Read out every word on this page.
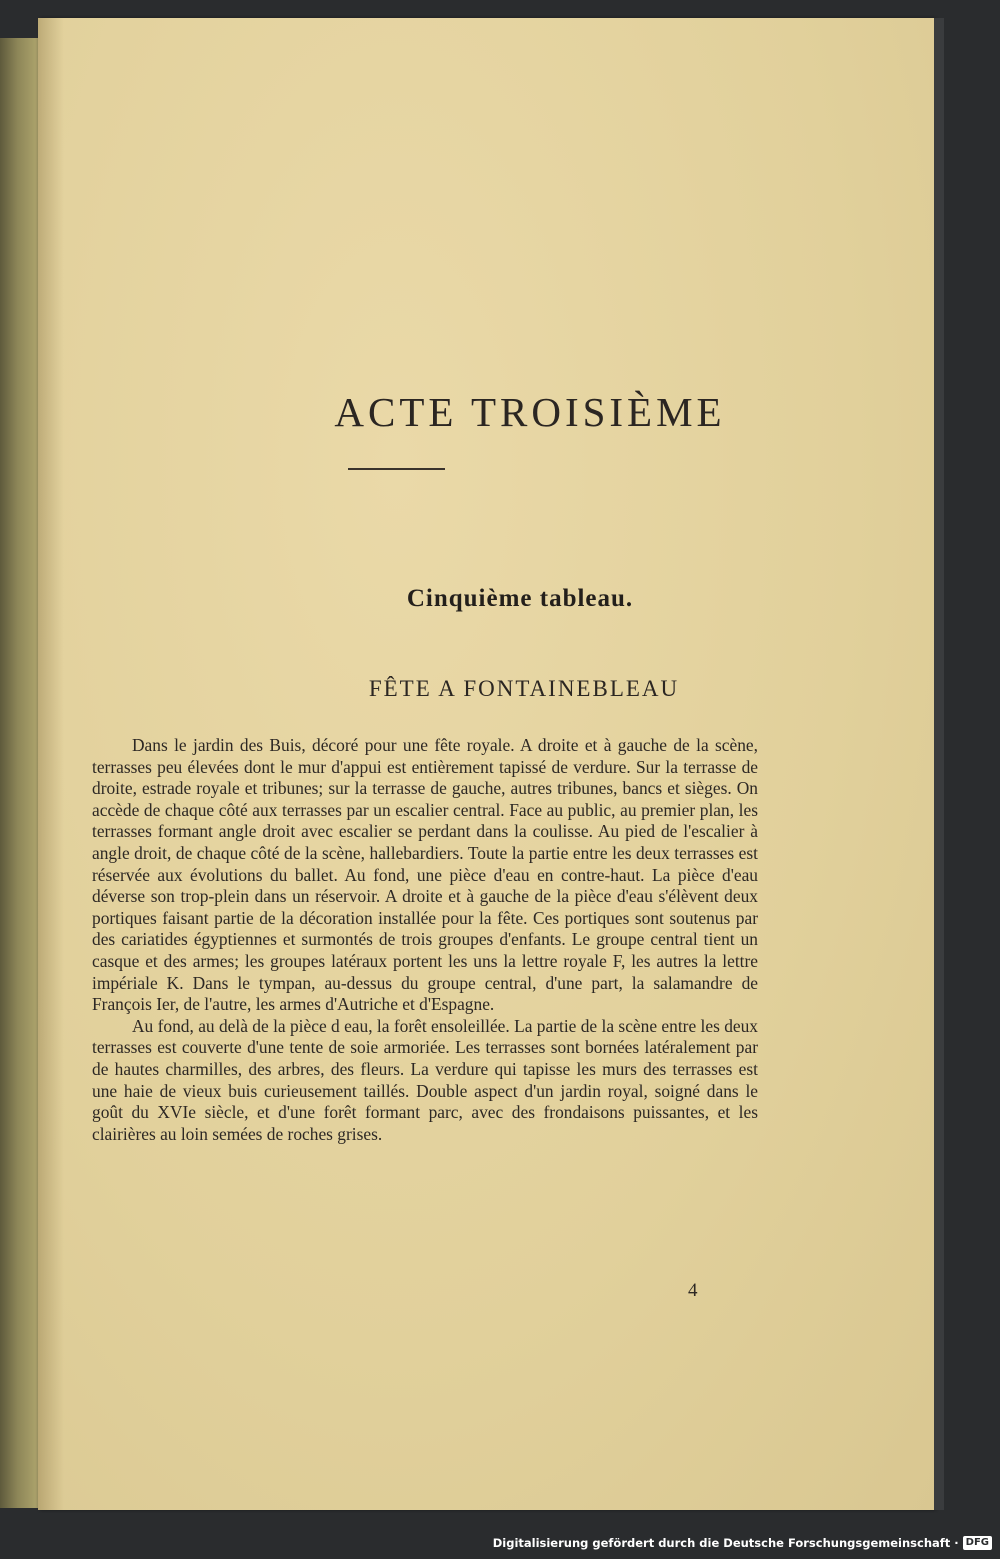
ACTE TROISIÈME
Cinquième tableau.
FÊTE A FONTAINEBLEAU

Dans le jardin des Buis, décoré pour une fête royale. A droite et à gauche de la scène, terrasses peu élevées dont le mur d'appui est entièrement tapissé de verdure. Sur la terrasse de droite, estrade royale et tribunes; sur la terrasse de gauche, autres tribunes, bancs et sièges. On accède de chaque côté aux terrasses par un escalier central. Face au public, au premier plan, les terrasses formant angle droit avec escalier se perdant dans la coulisse. Au pied de l'escalier à angle droit, de chaque côté de la scène, hallebardiers. Toute la partie entre les deux terrasses est réservée aux évolutions du ballet. Au fond, une pièce d'eau en contre-haut. La pièce d'eau déverse son trop-plein dans un réservoir. A droite et à gauche de la pièce d'eau s'élèvent deux portiques faisant partie de la décoration installée pour la fête. Ces portiques sont soutenus par des cariatides égyptiennes et surmontés de trois groupes d'enfants. Le groupe central tient un casque et des armes; les groupes latéraux portent les uns la lettre royale F, les autres la lettre impériale K. Dans le tympan, au-dessus du groupe central, d'une part, la salamandre de François Ier, de l'autre, les armes d'Autriche et d'Espagne.

Au fond, au delà de la pièce d eau, la forêt ensoleillée. La partie de la scène entre les deux terrasses est couverte d'une tente de soie armoriée. Les terrasses sont bornées latéralement par de hautes charmilles, des arbres, des fleurs. La verdure qui tapisse les murs des terrasses est une haie de vieux buis curieusement taillés. Double aspect d'un jardin royal, soigné dans le goût du XVIe siècle, et d'une forêt formant parc, avec des frondaisons puissantes, et les clairières au loin semées de roches grises.

4
Digitalisierung gefördert durch die Deutsche Forschungsgemeinschaft · DFG
